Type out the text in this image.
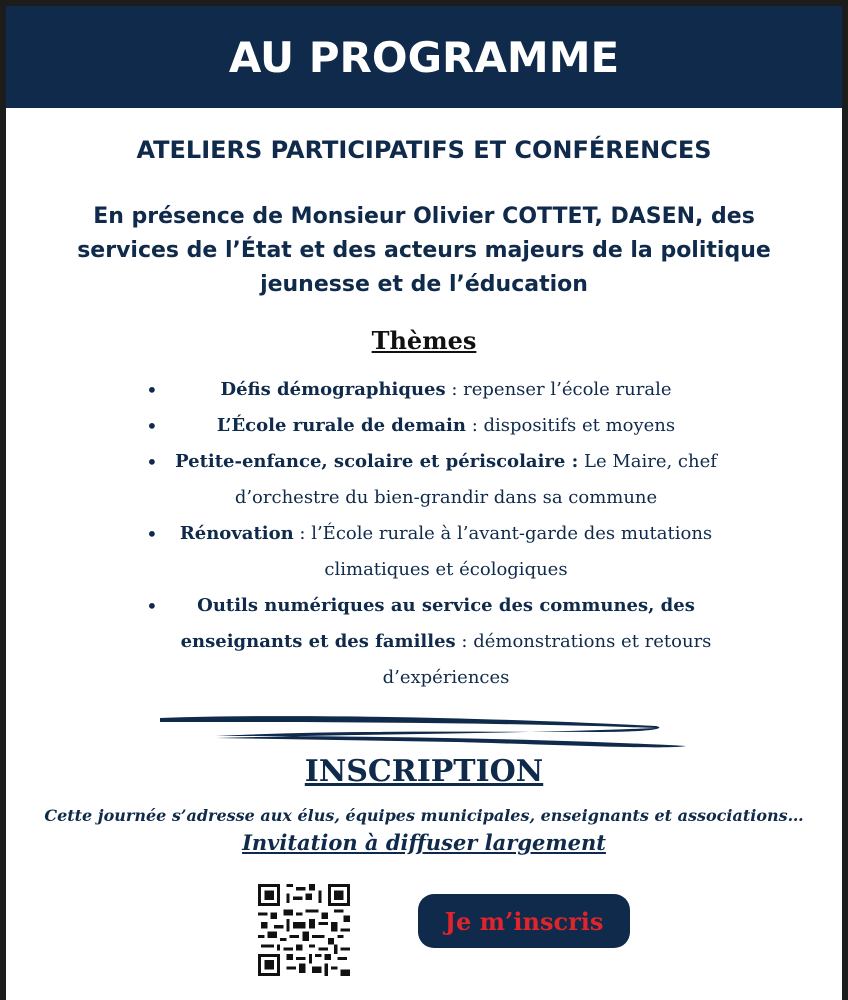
AU PROGRAMME
ATELIERS PARTICIPATIFS ET CONFÉRENCES
En présence de Monsieur Olivier COTTET, DASEN, des services de l’État et des acteurs majeurs de la politique jeunesse et de l’éducation
Thèmes
• Défis démographiques : repenser l’école rurale
• L’École rurale de demain : dispositifs et moyens
• Petite-enfance, scolaire et périscolaire : Le Maire, chef d’orchestre du bien-grandir dans sa commune
• Rénovation : l’École rurale à l’avant-garde des mutations climatiques et écologiques
• Outils numériques au service des communes, des enseignants et des familles : démonstrations et retours d’expériences
INSCRIPTION
Cette journée s’adresse aux élus, équipes municipales, enseignants et associations…
Invitation à diffuser largement
Je m’inscris
